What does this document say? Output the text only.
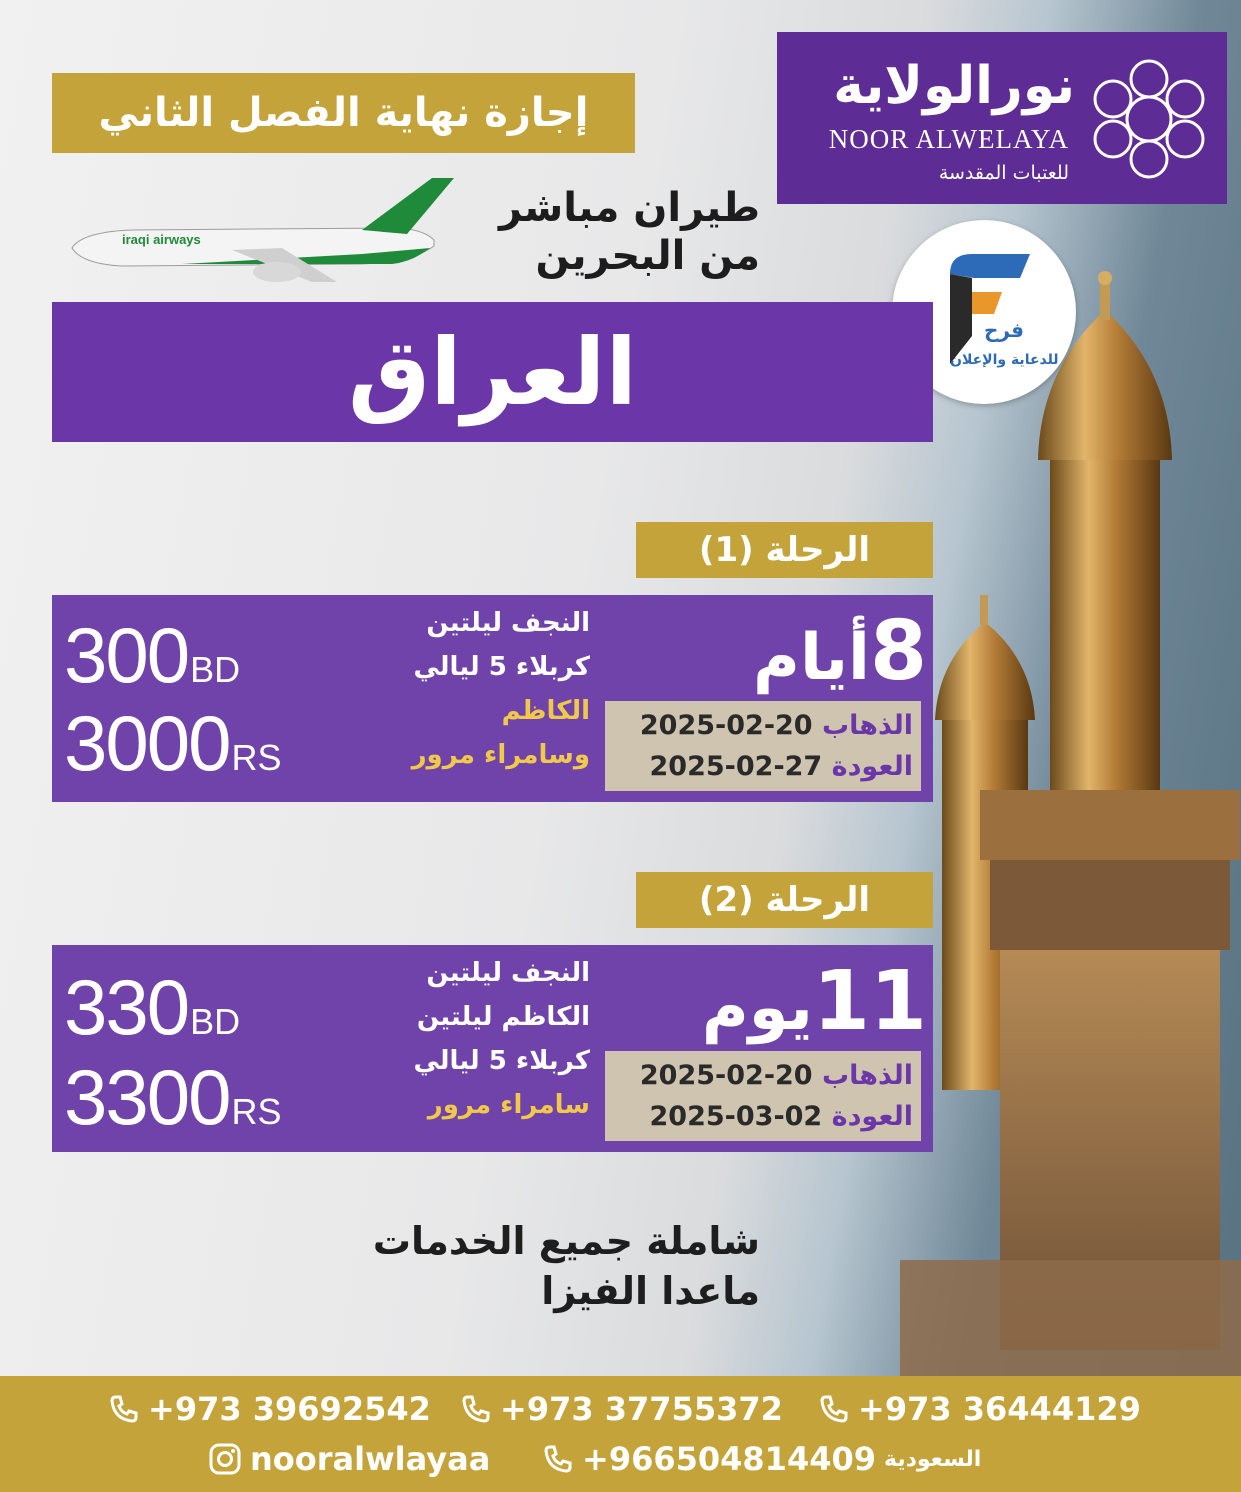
نورالولاية
NOOR ALWELAYA
للعتبات المقدسة
إجازة نهاية الفصل الثاني
طيران مباشر
من البحرين
iraqi airways
فرح
للدعاية والإعلان
العراق
الرحلة (1)
300BD
3000RS
النجف ليلتين
كربلاء 5 ليالي
الكاظم
وسامراء مرور
8أيام
الذهاب 2025-02-20
العودة 2025-02-27
الرحلة (2)
330BD
3300RS
النجف ليلتين
الكاظم ليلتين
كربلاء 5 ليالي
سامراء مرور
11يوم
الذهاب 2025-02-20
العودة 2025-03-02
شاملة جميع الخدمات
ماعدا الفيزا
+973 39692542 +973 37755372 +973 36444129
nooralwlayaa	+966504814409 السعودية
